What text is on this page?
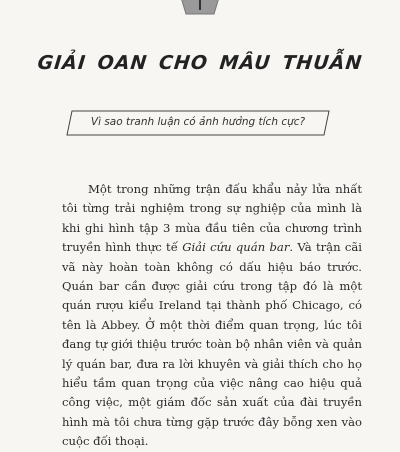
GIẢI OAN CHO MÂU THUẪN
Vì sao tranh luận có ảnh hưởng tích cực?

Một trong những trận đấu khẩu nảy lửa nhất tôi từng trải nghiệm trong sự nghiệp của mình là khi ghi hình tập 3 mùa đầu tiên của chương trình truyền hình thực tế Giải cứu quán bar. Và trận cãi vã này hoàn toàn không có dấu hiệu báo trước. Quán bar cần được giải cứu trong tập đó là một quán rượu kiểu Ireland tại thành phố Chicago, có tên là Abbey. Ở một thời điểm quan trọng, lúc tôi đang tự giới thiệu trước toàn bộ nhân viên và quản lý quán bar, đưa ra lời khuyên và giải thích cho họ hiểu tầm quan trọng của việc nâng cao hiệu quả công việc, một giám đốc sản xuất của đài truyền hình mà tôi chưa từng gặp trước đây bỗng xen vào cuộc đối thoại.
